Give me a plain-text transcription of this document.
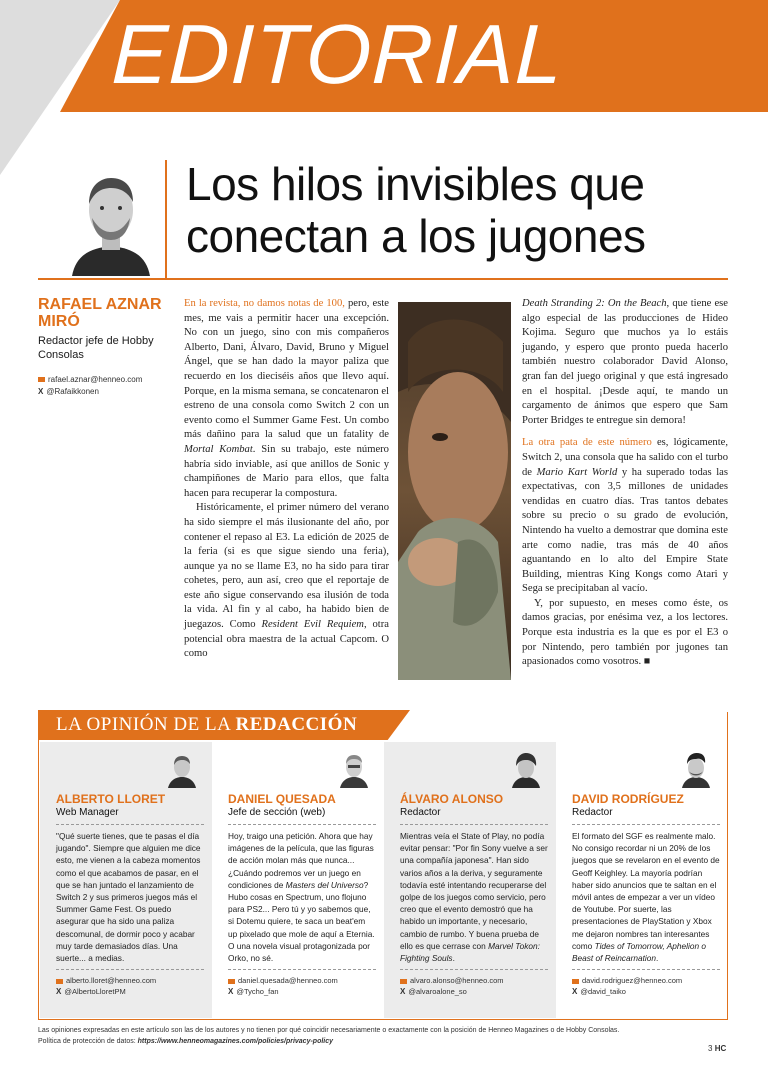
EDITORIAL
Los hilos invisibles que conectan a los jugones
RAFAEL AZNAR MIRÓ
Redactor jefe de Hobby Consolas
rafael.aznar@henneo.com
X @Rafaikkonen

En la revista, no damos notas de 100, pero, este mes, me vais a permitir hacer una excepción. No con un juego, sino con mis compañeros Alberto, Dani, Álvaro, David, Bruno y Miguel Ángel, que se han dado la mayor paliza que recuerdo en los dieciséis años que llevo aquí. Porque, en la misma semana, se concatenaron el estreno de una consola como Switch 2 con un evento como el Summer Game Fest. Un combo más dañino para la salud que un fatality de Mortal Kombat. Sin su trabajo, este número habría sido inviable, así que anillos de Sonic y champiñones de Mario para ellos, que falta hacen para recuperar la compostura.

Históricamente, el primer número del verano ha sido siempre el más ilusionante del año, por contener el repaso al E3. La edición de 2025 de la feria (si es que sigue siendo una feria), aunque ya no se llame E3, no ha sido para tirar cohetes, pero, aun así, creo que el reportaje de este año sigue conservando esa ilusión de toda la vida. Al fin y al cabo, ha habido bien de juegazos. Como Resident Evil Requiem, otra potencial obra maestra de la actual Capcom. O como

Death Stranding 2: On the Beach, que tiene ese algo especial de las producciones de Hideo Kojima. Seguro que muchos ya lo estáis jugando, y espero que pronto pueda hacerlo también nuestro colaborador David Alonso, gran fan del juego original y que está ingresado en el hospital. ¡Desde aquí, te mando un cargamento de ánimos que espero que Sam Porter Bridges te entregue sin demora!

La otra pata de este número es, lógicamente, Switch 2, una consola que ha salido con el turbo de Mario Kart World y ha superado todas las expectativas, con 3,5 millones de unidades vendidas en cuatro días. Tras tantos debates sobre su precio o su grado de evolución, Nintendo ha vuelto a demostrar que domina este arte como nadie, tras más de 40 años aguantando en lo alto del Empire State Building, mientras King Kongs como Atari y Sega se precipitaban al vacío.

Y, por supuesto, en meses como éste, os damos gracias, por enésima vez, a los lectores. Porque esta industria es la que es por el E3 o por Nintendo, pero también por jugones tan apasionados como vosotros. ■

LA OPINIÓN DE LA REDACCIÓN
ALBERTO LLORET
Web Manager
"Qué suerte tienes, que te pasas el día jugando". Siempre que alguien me dice esto, me vienen a la cabeza momentos como el que acabamos de pasar, en el que se han juntado el lanzamiento de Switch 2 y sus primeros juegos más el Summer Game Fest. Os puedo asegurar que ha sido una paliza descomunal, de dormir poco y acabar muy tarde demasiados días. Una suerte... a medias.
alberto.lloret@henneo.com
X @AlbertoLloretPM
DANIEL QUESADA
Jefe de sección (web)
Hoy, traigo una petición. Ahora que hay imágenes de la película, que las figuras de acción molan más que nunca... ¿Cuándo podremos ver un juego en condiciones de Masters del Universo? Hubo cosas en Spectrum, uno flojuno para PS2... Pero tú y yo sabemos que, si Dotemu quiere, te saca un beat'em up pixelado que mole de aquí a Eternia. O una novela visual protagonizada por Orko, no sé.
daniel.quesada@henneo.com
X @Tycho_fan
ÁLVARO ALONSO
Redactor
Mientras veía el State of Play, no podía evitar pensar: "Por fin Sony vuelve a ser una compañía japonesa". Han sido varios años a la deriva, y seguramente todavía esté intentando recuperarse del golpe de los juegos como servicio, pero creo que el evento demostró que ha habido un importante, y necesario, cambio de rumbo. Y buena prueba de ello es que cerrase con Marvel Tokon: Fighting Souls.
alvaro.alonso@henneo.com
X @alvaroalone_so
DAVID RODRÍGUEZ
Redactor
El formato del SGF es realmente malo. No consigo recordar ni un 20% de los juegos que se revelaron en el evento de Geoff Keighley. La mayoría podrían haber sido anuncios que te saltan en el móvil antes de empezar a ver un vídeo de Youtube. Por suerte, las presentaciones de PlayStation y Xbox me dejaron nombres tan interesantes como Tides of Tomorrow, Aphelion o Beast of Reincarnation.
david.rodriguez@henneo.com
X @david_taiko
Las opiniones expresadas en este artículo son las de los autores y no tienen por qué coincidir necesariamente o exactamente con la posición de Henneo Magazines o de Hobby Consolas.
Política de protección de datos: https://www.henneomagazines.com/policies/privacy-policy
3 HC
